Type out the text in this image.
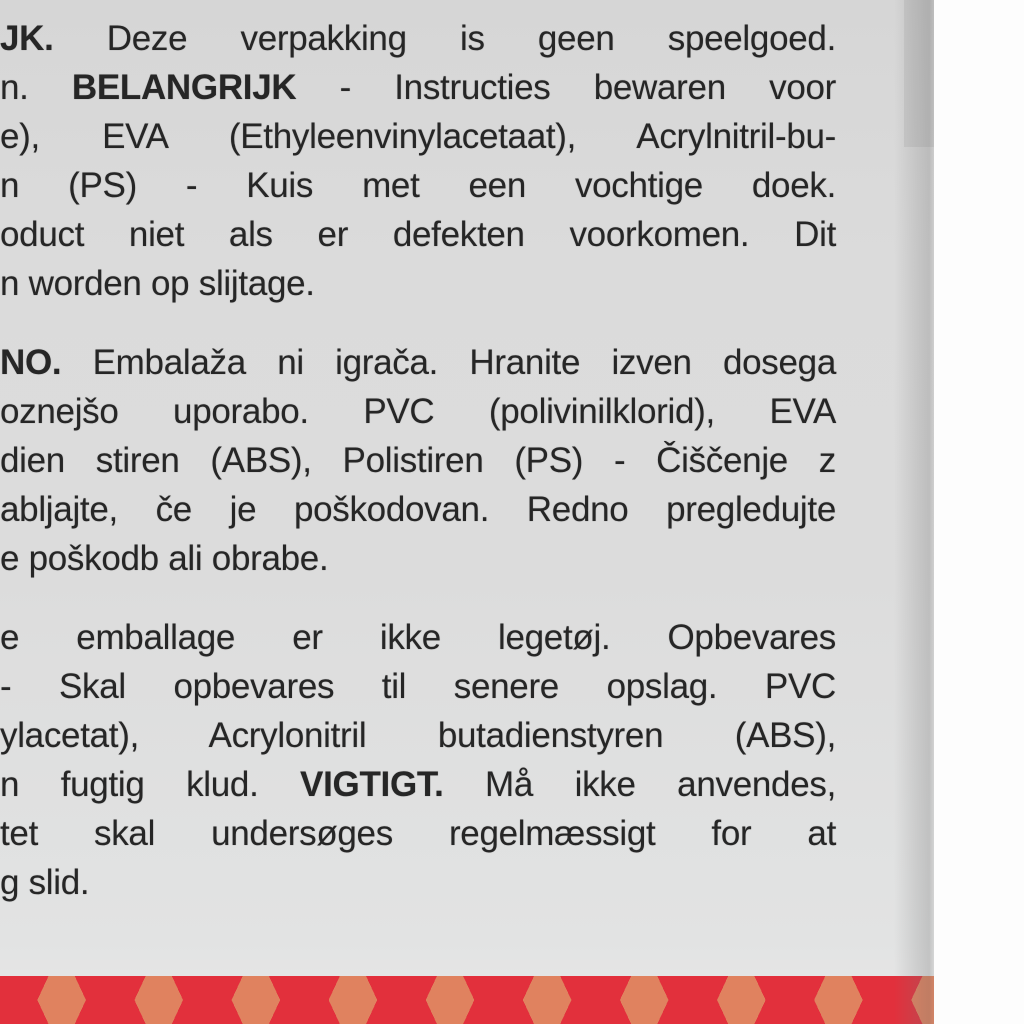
JK. Deze verpakking is geen speelgoed.
n. BELANGRIJK - Instructies bewaren voor
e), EVA (Ethyleenvinylacetaat), Acrylnitril-bu-
n (PS) - Kuis met een vochtige doek.
oduct niet als er defekten voorkomen. Dit
n worden op slijtage.
NO. Embalaža ni igrača. Hranite izven dosega
oznejšo uporabo. PVC (polivinilklorid), EVA
dien stiren (ABS), Polistiren (PS) - Čiščenje z
abljajte, če je poškodovan. Redno pregledujte
e poškodb ali obrabe.
e emballage er ikke legetøj. Opbevares
- Skal opbevares til senere opslag. PVC
ylacetat), Acrylonitril butadienstyren (ABS),
n fugtig klud. VIGTIGT. Må ikke anvendes,
tet skal undersøges regelmæssigt for at
g slid.
